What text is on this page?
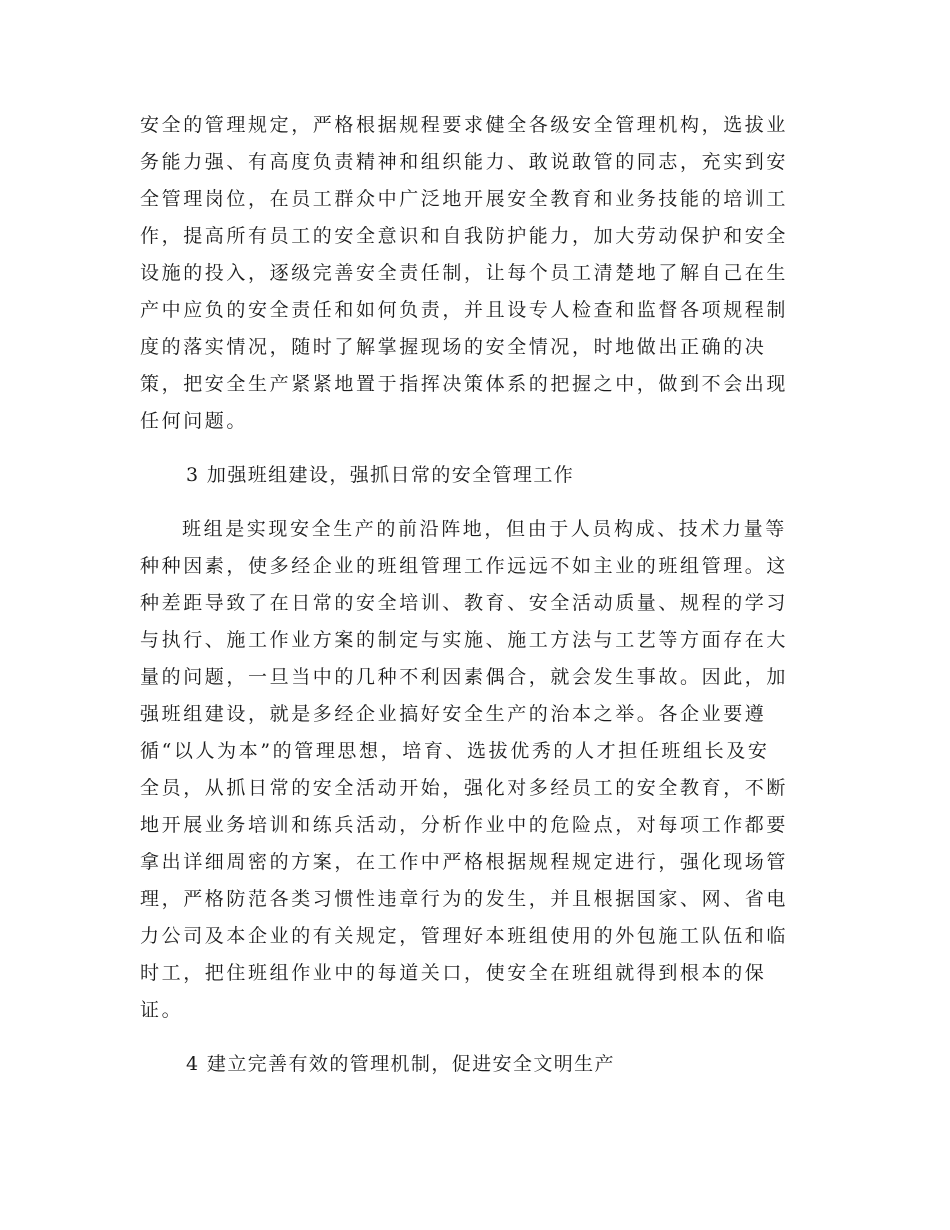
安全的管理规定，严格根据规程要求健全各级安全管理机构，选拔业
务能力强、有高度负责精神和组织能力、敢说敢管的同志，充实到安
全管理岗位，在员工群众中广泛地开展安全教育和业务技能的培训工
作，提高所有员工的安全意识和自我防护能力，加大劳动保护和安全
设施的投入，逐级完善安全责任制，让每个员工清楚地了解自己在生
产中应负的安全责任和如何负责，并且设专人检查和监督各项规程制
度的落实情况，随时了解掌握现场的安全情况，时地做出正确的决
策，把安全生产紧紧地置于指挥决策体系的把握之中，做到不会出现
任何问题。
3 加强班组建设，强抓日常的安全管理工作
班组是实现安全生产的前沿阵地，但由于人员构成、技术力量等
种种因素，使多经企业的班组管理工作远远不如主业的班组管理。这
种差距导致了在日常的安全培训、教育、安全活动质量、规程的学习
与执行、施工作业方案的制定与实施、施工方法与工艺等方面存在大
量的问题，一旦当中的几种不利因素偶合，就会发生事故。因此，加
强班组建设，就是多经企业搞好安全生产的治本之举。各企业要遵
循“以人为本”的管理思想，培育、选拔优秀的人才担任班组长及安
全员，从抓日常的安全活动开始，强化对多经员工的安全教育，不断
地开展业务培训和练兵活动，分析作业中的危险点，对每项工作都要
拿出详细周密的方案，在工作中严格根据规程规定进行，强化现场管
理，严格防范各类习惯性违章行为的发生，并且根据国家、网、省电
力公司及本企业的有关规定，管理好本班组使用的外包施工队伍和临
时工，把住班组作业中的每道关口，使安全在班组就得到根本的保
证。
4 建立完善有效的管理机制，促进安全文明生产
